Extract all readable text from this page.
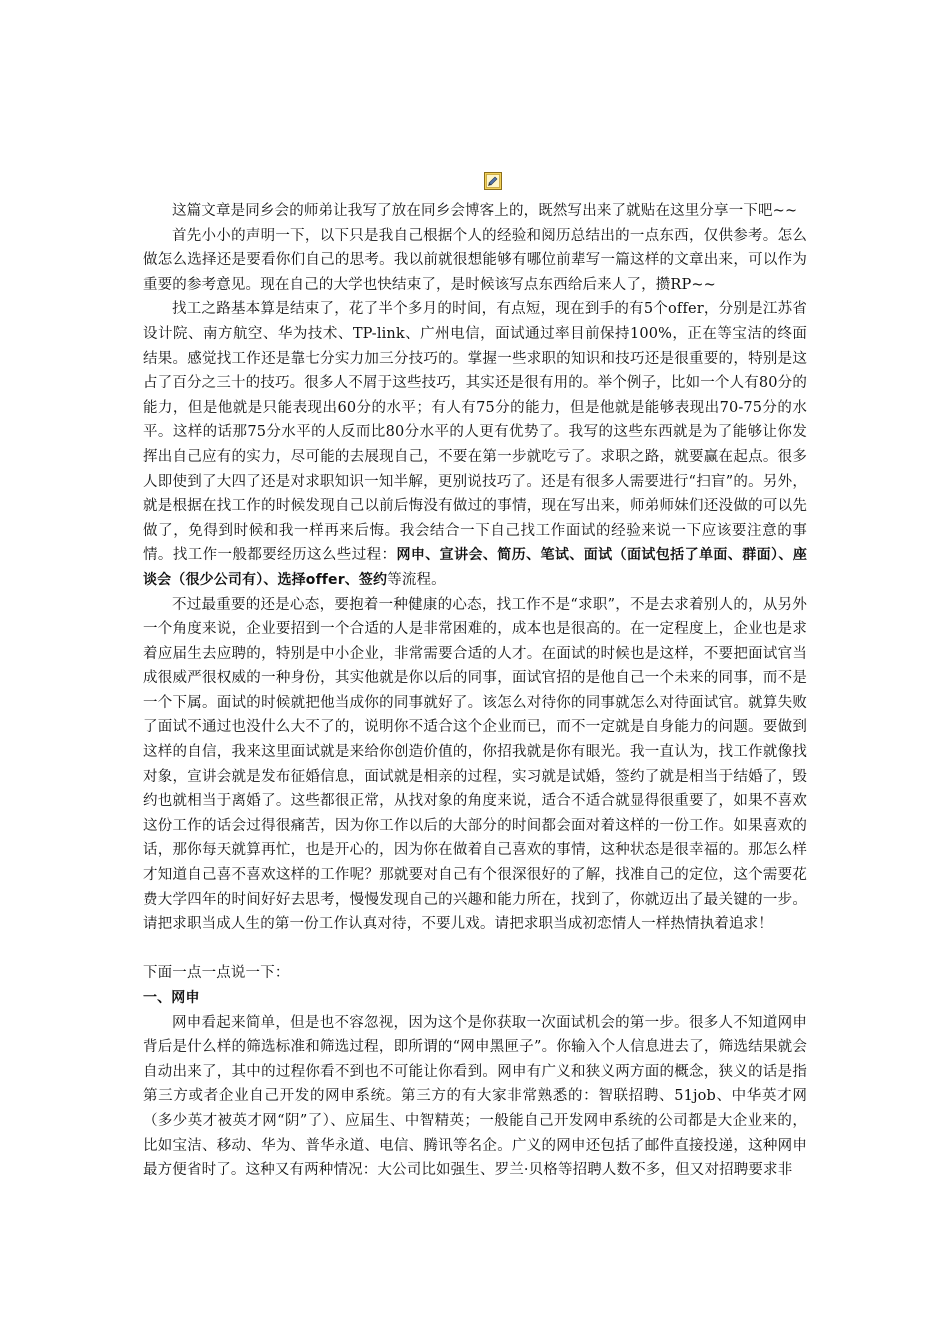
这篇文章是同乡会的师弟让我写了放在同乡会博客上的，既然写出来了就贴在这里分享一下吧~~

首先小小的声明一下，以下只是我自己根据个人的经验和阅历总结出的一点东西，仅供参考。怎么做怎么选择还是要看你们自己的思考。我以前就很想能够有哪位前辈写一篇这样的文章出来，可以作为重要的参考意见。现在自己的大学也快结束了，是时候该写点东西给后来人了，攒RP~~

找工之路基本算是结束了，花了半个多月的时间，有点短，现在到手的有5个offer，分别是江苏省设计院、南方航空、华为技术、TP-link、广州电信，面试通过率目前保持100%，正在等宝洁的终面结果。感觉找工作还是靠七分实力加三分技巧的。掌握一些求职的知识和技巧还是很重要的，特别是这占了百分之三十的技巧。很多人不屑于这些技巧，其实还是很有用的。举个例子，比如一个人有80分的能力，但是他就是只能表现出60分的水平；有人有75分的能力，但是他就是能够表现出70-75分的水平。这样的话那75分水平的人反而比80分水平的人更有优势了。我写的这些东西就是为了能够让你发挥出自己应有的实力，尽可能的去展现自己，不要在第一步就吃亏了。求职之路，就要赢在起点。很多人即使到了大四了还是对求职知识一知半解，更别说技巧了。还是有很多人需要进行“扫盲”的。另外，就是根据在找工作的时候发现自己以前后悔没有做过的事情，现在写出来，师弟师妹们还没做的可以先做了，免得到时候和我一样再来后悔。我会结合一下自己找工作面试的经验来说一下应该要注意的事情。找工作一般都要经历这么些过程：网申、宣讲会、简历、笔试、面试（面试包括了单面、群面）、座谈会（很少公司有）、选择offer、签约等流程。

不过最重要的还是心态，要抱着一种健康的心态，找工作不是“求职”，不是去求着别人的，从另外一个角度来说，企业要招到一个合适的人是非常困难的，成本也是很高的。在一定程度上，企业也是求着应届生去应聘的，特别是中小企业，非常需要合适的人才。在面试的时候也是这样，不要把面试官当成很威严很权威的一种身份，其实他就是你以后的同事，面试官招的是他自己一个未来的同事，而不是一个下属。面试的时候就把他当成你的同事就好了。该怎么对待你的同事就怎么对待面试官。就算失败了面试不通过也没什么大不了的，说明你不适合这个企业而已，而不一定就是自身能力的问题。要做到这样的自信，我来这里面试就是来给你创造价值的，你招我就是你有眼光。我一直认为，找工作就像找对象，宣讲会就是发布征婚信息，面试就是相亲的过程，实习就是试婚，签约了就是相当于结婚了，毁约也就相当于离婚了。这些都很正常，从找对象的角度来说，适合不适合就显得很重要了，如果不喜欢这份工作的话会过得很痛苦，因为你工作以后的大部分的时间都会面对着这样的一份工作。如果喜欢的话，那你每天就算再忙，也是开心的，因为你在做着自己喜欢的事情，这种状态是很幸福的。那怎么样才知道自己喜不喜欢这样的工作呢？那就要对自己有个很深很好的了解，找准自己的定位，这个需要花费大学四年的时间好好去思考，慢慢发现自己的兴趣和能力所在，找到了，你就迈出了最关键的一步。请把求职当成人生的第一份工作认真对待，不要儿戏。请把求职当成初恋情人一样热情执着追求！

下面一点一点说一下：

一、网申

网申看起来简单，但是也不容忽视，因为这个是你获取一次面试机会的第一步。很多人不知道网申背后是什么样的筛选标准和筛选过程，即所谓的“网申黑匣子”。你输入个人信息进去了，筛选结果就会自动出来了，其中的过程你看不到也不可能让你看到。网申有广义和狭义两方面的概念，狭义的话是指第三方或者企业自己开发的网申系统。第三方的有大家非常熟悉的：智联招聘、51job、中华英才网（多少英才被英才网“阴”了）、应届生、中智精英；一般能自己开发网申系统的公司都是大企业来的，比如宝洁、移动、华为、普华永道、电信、腾讯等名企。广义的网申还包括了邮件直接投递，这种网申最方便省时了。这种又有两种情况：大公司比如强生、罗兰·贝格等招聘人数不多，但又对招聘要求非
